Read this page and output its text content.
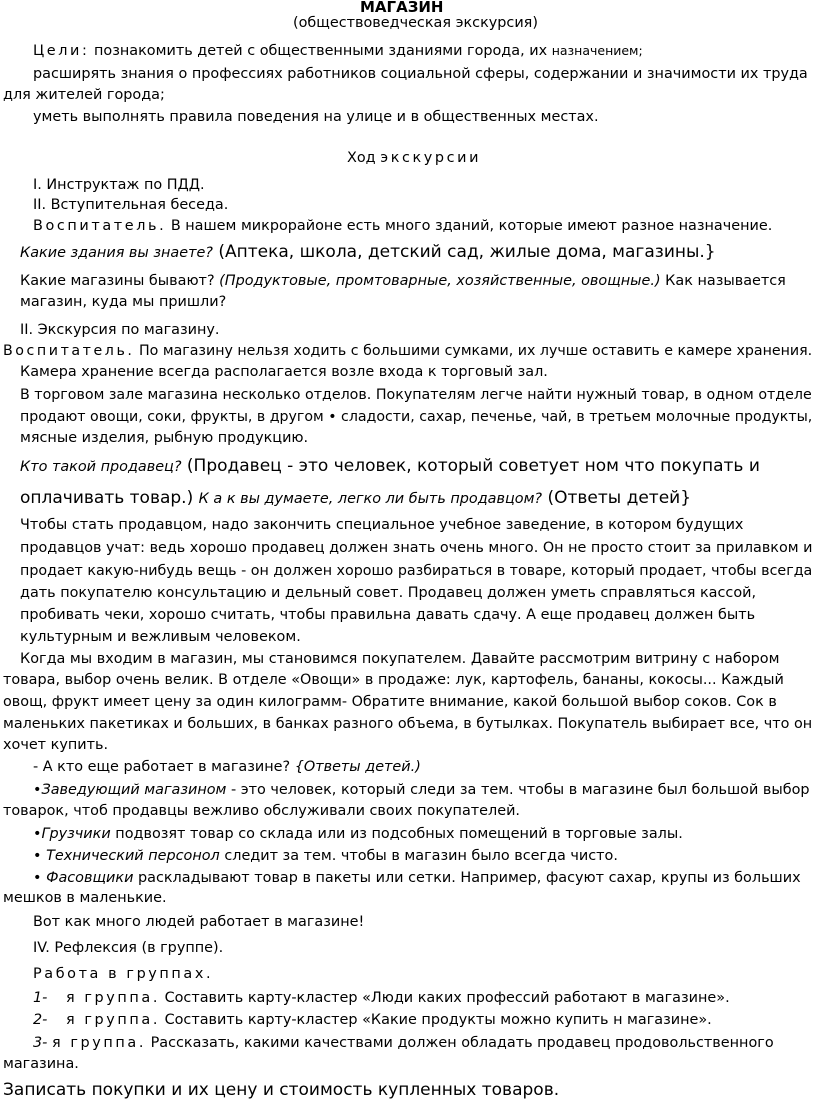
МАГАЗИН
(обществоведческая экскурсия)
Цели: познакомить детей с общественными зданиями города, их назначением;
расширять знания о профессиях работников социальной сферы, содержании и значимости их труда
для жителей города;
уметь выполнять правила поведения на улице и в общественных местах.
Ход экскурсии
I. Инструктаж по ПДД.
II. Вступительная беседа.
Воспитатель. В нашем микрорайоне есть много зданий, которые имеют разное назначение.
Какие здания вы знаете? (Аптека, школа, детский сад, жилые дома, магазины.}
Какие магазины бывают? (Продуктовые, промтоварные, хозяйственные, овощные.) Как называется
магазин, куда мы пришли?
II. Экскурсия по магазину.
Воспитатель. По магазину нельзя ходить с большими сумками, их лучше оставить е камере хранения.
Камера хранение всегда располагается возле входа к торговый зал.
В торговом зале магазина несколько отделов. Покупателям легче найти нужный товар, в одном отделе
продают овощи, соки, фрукты, в другом • сладости, сахар, печенье, чай, в третьем молочные продукты,
мясные изделия, рыбную продукцию.
Кто такой продавец? (Продавец - это человек, который советует ном что покупать и
оплачивать товар.) К а к вы думаете, легко ли быть продавцом? (Ответы детей}
Чтобы стать продавцом, надо закончить специальное учебное заведение, в котором будущих
продавцов учат: ведь хорошо продавец должен знать очень много. Он не просто стоит за прилавком и
продает какую-нибудь вещь - он должен хорошо разбираться в товаре, который продает, чтобы всегда
дать покупателю консультацию и дельный совет. Продавец должен уметь справляться кассой,
пробивать чеки, хорошо считать, чтобы правильна давать сдачу. А еще продавец должен быть
культурным и вежливым человеком.
Когда мы входим в магазин, мы становимся покупателем. Давайте рассмотрим витрину с набором
товара, выбор очень велик. В отделе «Овощи» в продаже: лук, картофель, бананы, кокосы... Каждый
овощ, фрукт имеет цену за один килограмм- Обратите внимание, какой большой выбор соков. Сок в
маленьких пакетиках и больших, в банках разного объема, в бутылках. Покупатель выбирает все, что он
хочет купить.
- А кто еще работает в магазине? {Ответы детей.)
•Заведующий магазином - это человек, который следи за тем. чтобы в магазине был большой выбор
товарок, чтоб продавцы вежливо обслуживали своих покупателей.
•Грузчики подвозят товар со склада или из подсобных помещений в торговые залы.
• Технический персонол следит за тем. чтобы в магазин было всегда чисто.
• Фасовщики раскладывают товар в пакеты или сетки. Например, фасуют сахар, крупы из больших
мешков в маленькие.
Вот как много людей работает в магазине!
IV. Рефлексия (в группе).
Работа в группах.
1- я группа. Составить карту-кластер «Люди каких профессий работают в магазине».
2- я группа. Составить карту-кластер «Какие продукты можно купить н магазине».
3- я группа. Рассказать, какими качествами должен обладать продавец продовольственного
магазина.
Записать покупки и их цену и стоимость купленных товаров.
